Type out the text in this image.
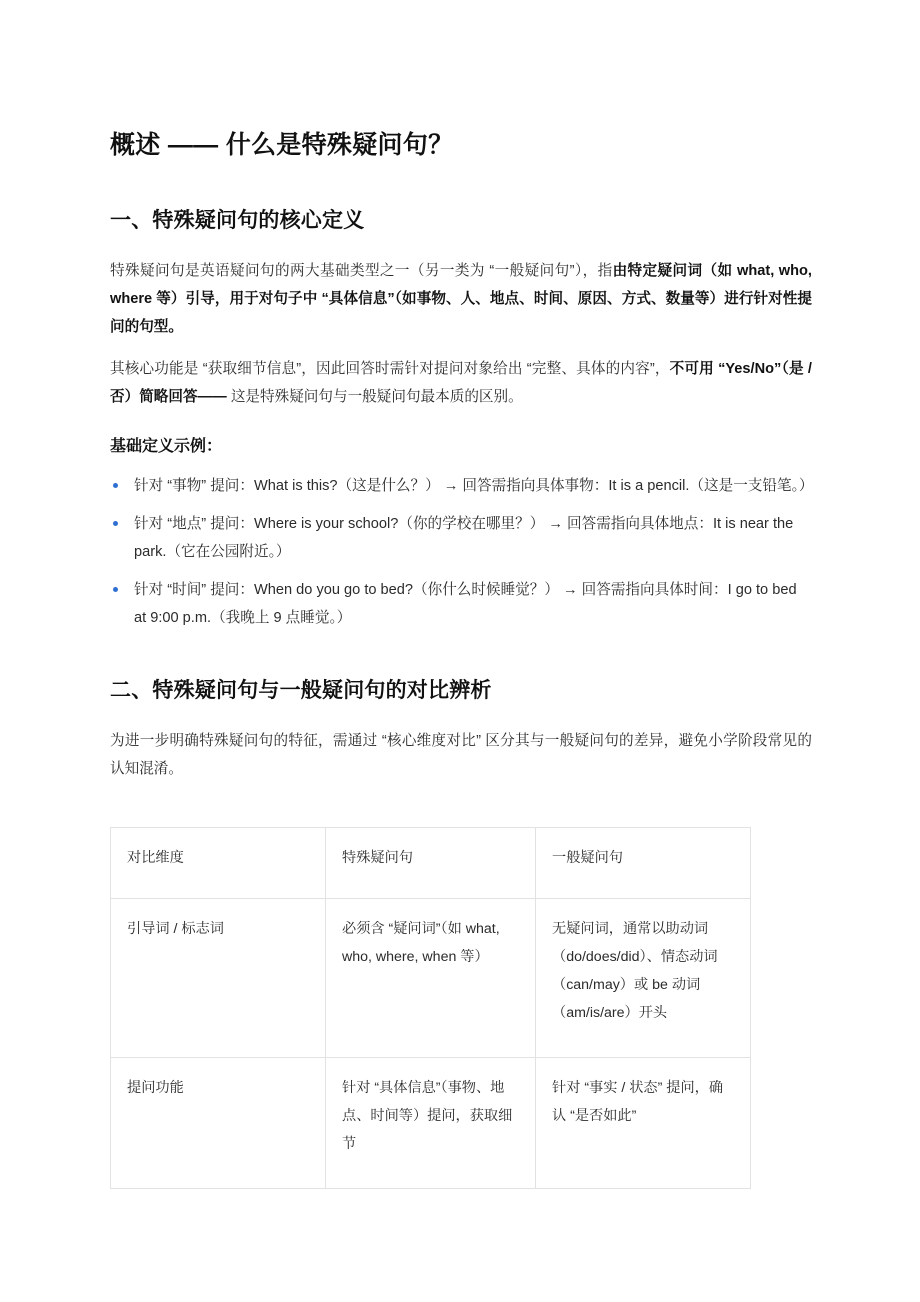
概述 —— 什么是特殊疑问句？
一、特殊疑问句的核心定义

特殊疑问句是英语疑问句的两大基础类型之一（另一类为 “一般疑问句”），指由特定疑问词（如 what, who, where 等）引导，用于对句子中 “具体信息”（如事物、人、地点、时间、原因、方式、数量等）进行针对性提问的句型。

其核心功能是 “获取细节信息”，因此回答时需针对提问对象给出 “完整、具体的内容”，不可用 “Yes/No”（是 / 否）简略回答—— 这是特殊疑问句与一般疑问句最本质的区别。

基础定义示例：
针对 “事物” 提问：What is this?（这是什么？） → 回答需指向具体事物：It is a pencil.（这是一支铅笔。）
针对 “地点” 提问：Where is your school?（你的学校在哪里？） → 回答需指向具体地点：It is near the park.（它在公园附近。）
针对 “时间” 提问：When do you go to bed?（你什么时候睡觉？） → 回答需指向具体时间：I go to bed at 9:00 p.m.（我晚上 9 点睡觉。）
二、特殊疑问句与一般疑问句的对比辨析

为进一步明确特殊疑问句的特征，需通过 “核心维度对比” 区分其与一般疑问句的差异，避免小学阶段常见的认知混淆。

对比维度	特殊疑问句	一般疑问句
引导词 / 标志词	必须含 “疑问词”（如 what, who, where, when 等）	无疑问词，通常以助动词（do/does/did）、情态动词（can/may）或 be 动词（am/is/are）开头
提问功能	针对 “具体信息”（事物、地点、时间等）提问，获取细节	针对 “事实 / 状态” 提问，确认 “是否如此”
